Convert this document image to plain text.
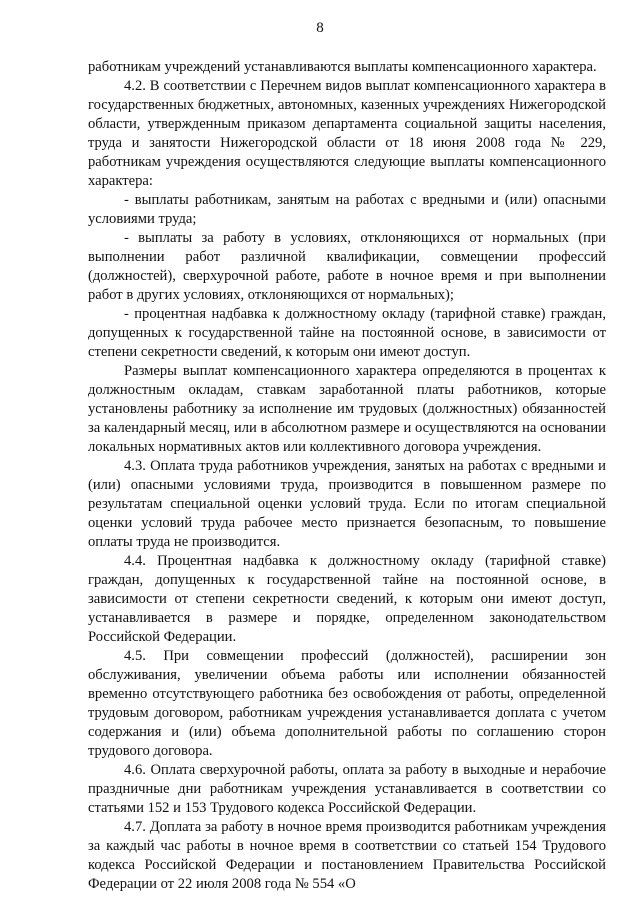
8

работникам учреждений устанавливаются выплаты компенсационного характера.

4.2. В соответствии с Перечнем видов выплат компенсационного характера в государственных бюджетных, автономных, казенных учреждениях Нижегородской области, утвержденным приказом департамента социальной защиты населения, труда и занятости Нижегородской области от 18 июня 2008 года № 229, работникам учреждения осуществляются следующие выплаты компенсационного характера:

- выплаты работникам, занятым на работах с вредными и (или) опасными условиями труда;

- выплаты за работу в условиях, отклоняющихся от нормальных (при выполнении работ различной квалификации, совмещении профессий (должностей), сверхурочной работе, работе в ночное время и при выполнении работ в других условиях, отклоняющихся от нормальных);

- процентная надбавка к должностному окладу (тарифной ставке) граждан, допущенных к государственной тайне на постоянной основе, в зависимости от степени секретности сведений, к которым они имеют доступ.

Размеры выплат компенсационного характера определяются в процентах к должностным окладам, ставкам заработанной платы работников, которые установлены работнику за исполнение им трудовых (должностных) обязанностей за календарный месяц, или в абсолютном размере и осуществляются на основании локальных нормативных актов или коллективного договора учреждения.

4.3. Оплата труда работников учреждения, занятых на работах с вредными и (или) опасными условиями труда, производится в повышенном размере по результатам специальной оценки условий труда. Если по итогам специальной оценки условий труда рабочее место признается безопасным, то повышение оплаты труда не производится.

4.4. Процентная надбавка к должностному окладу (тарифной ставке) граждан, допущенных к государственной тайне на постоянной основе, в зависимости от степени секретности сведений, к которым они имеют доступ, устанавливается в размере и порядке, определенном законодательством Российской Федерации.

4.5. При совмещении профессий (должностей), расширении зон обслуживания, увеличении объема работы или исполнении обязанностей временно отсутствующего работника без освобождения от работы, определенной трудовым договором, работникам учреждения устанавливается доплата с учетом содержания и (или) объема дополнительной работы по соглашению сторон трудового договора.

4.6. Оплата сверхурочной работы, оплата за работу в выходные и нерабочие праздничные дни работникам учреждения устанавливается в соответствии со статьями 152 и 153 Трудового кодекса Российской Федерации.

4.7. Доплата за работу в ночное время производится работникам учреждения за каждый час работы в ночное время в соответствии со статьей 154 Трудового кодекса Российской Федерации и постановлением Правительства Российской Федерации от 22 июля 2008 года № 554 «О
